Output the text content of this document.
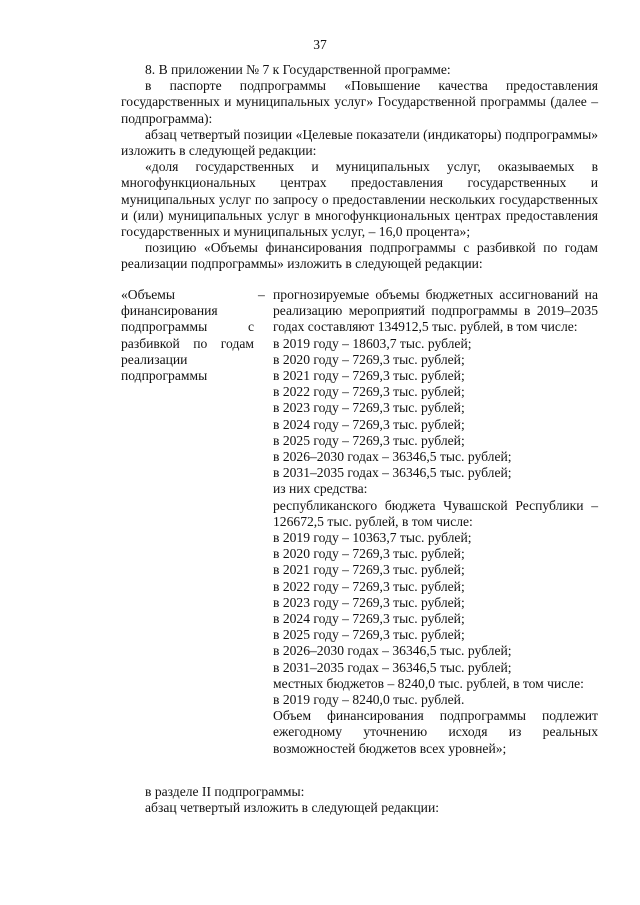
37

8. В приложении № 7 к Государственной программе:

в паспорте подпрограммы «Повышение качества предоставления государственных и муниципальных услуг» Государственной программы (далее – подпрограмма):

абзац четвертый позиции «Целевые показатели (индикаторы) подпрограммы» изложить в следующей редакции:

«доля государственных и муниципальных услуг, оказываемых в многофункциональных центрах предоставления государственных и муниципальных услуг по запросу о предоставлении нескольких государственных и (или) муниципальных услуг в многофункциональных центрах предоставления государственных и муниципальных услуг, – 16,0 процента»;

позицию «Объемы финансирования подпрограммы с разбивкой по годам реализации подпрограммы» изложить в следующей редакции:

«Объемы финансирования подпрограммы с разбивкой по годам реализации подпрограммы
– прогнозируемые объемы бюджетных ассигнований на реализацию мероприятий подпрограммы в 2019–2035 годах составляют 134912,5 тыс. рублей, в том числе:

в 2019 году – 18603,7 тыс. рублей;
в 2020 году – 7269,3 тыс. рублей;
в 2021 году – 7269,3 тыс. рублей;
в 2022 году – 7269,3 тыс. рублей;
в 2023 году – 7269,3 тыс. рублей;
в 2024 году – 7269,3 тыс. рублей;
в 2025 году – 7269,3 тыс. рублей;
в 2026–2030 годах – 36346,5 тыс. рублей;
в 2031–2035 годах – 36346,5 тыс. рублей;
из них средства:

республиканского бюджета Чувашской Республики – 126672,5 тыс. рублей, в том числе:

в 2019 году – 10363,7 тыс. рублей;
в 2020 году – 7269,3 тыс. рублей;
в 2021 году – 7269,3 тыс. рублей;
в 2022 году – 7269,3 тыс. рублей;
в 2023 году – 7269,3 тыс. рублей;
в 2024 году – 7269,3 тыс. рублей;
в 2025 году – 7269,3 тыс. рублей;
в 2026–2030 годах – 36346,5 тыс. рублей;
в 2031–2035 годах – 36346,5 тыс. рублей;
местных бюджетов – 8240,0 тыс. рублей, в том числе:
в 2019 году – 8240,0 тыс. рублей.

Объем финансирования подпрограммы подлежит ежегодному уточнению исходя из реальных возможностей бюджетов всех уровней»;

в разделе II подпрограммы:

абзац четвертый изложить в следующей редакции:
